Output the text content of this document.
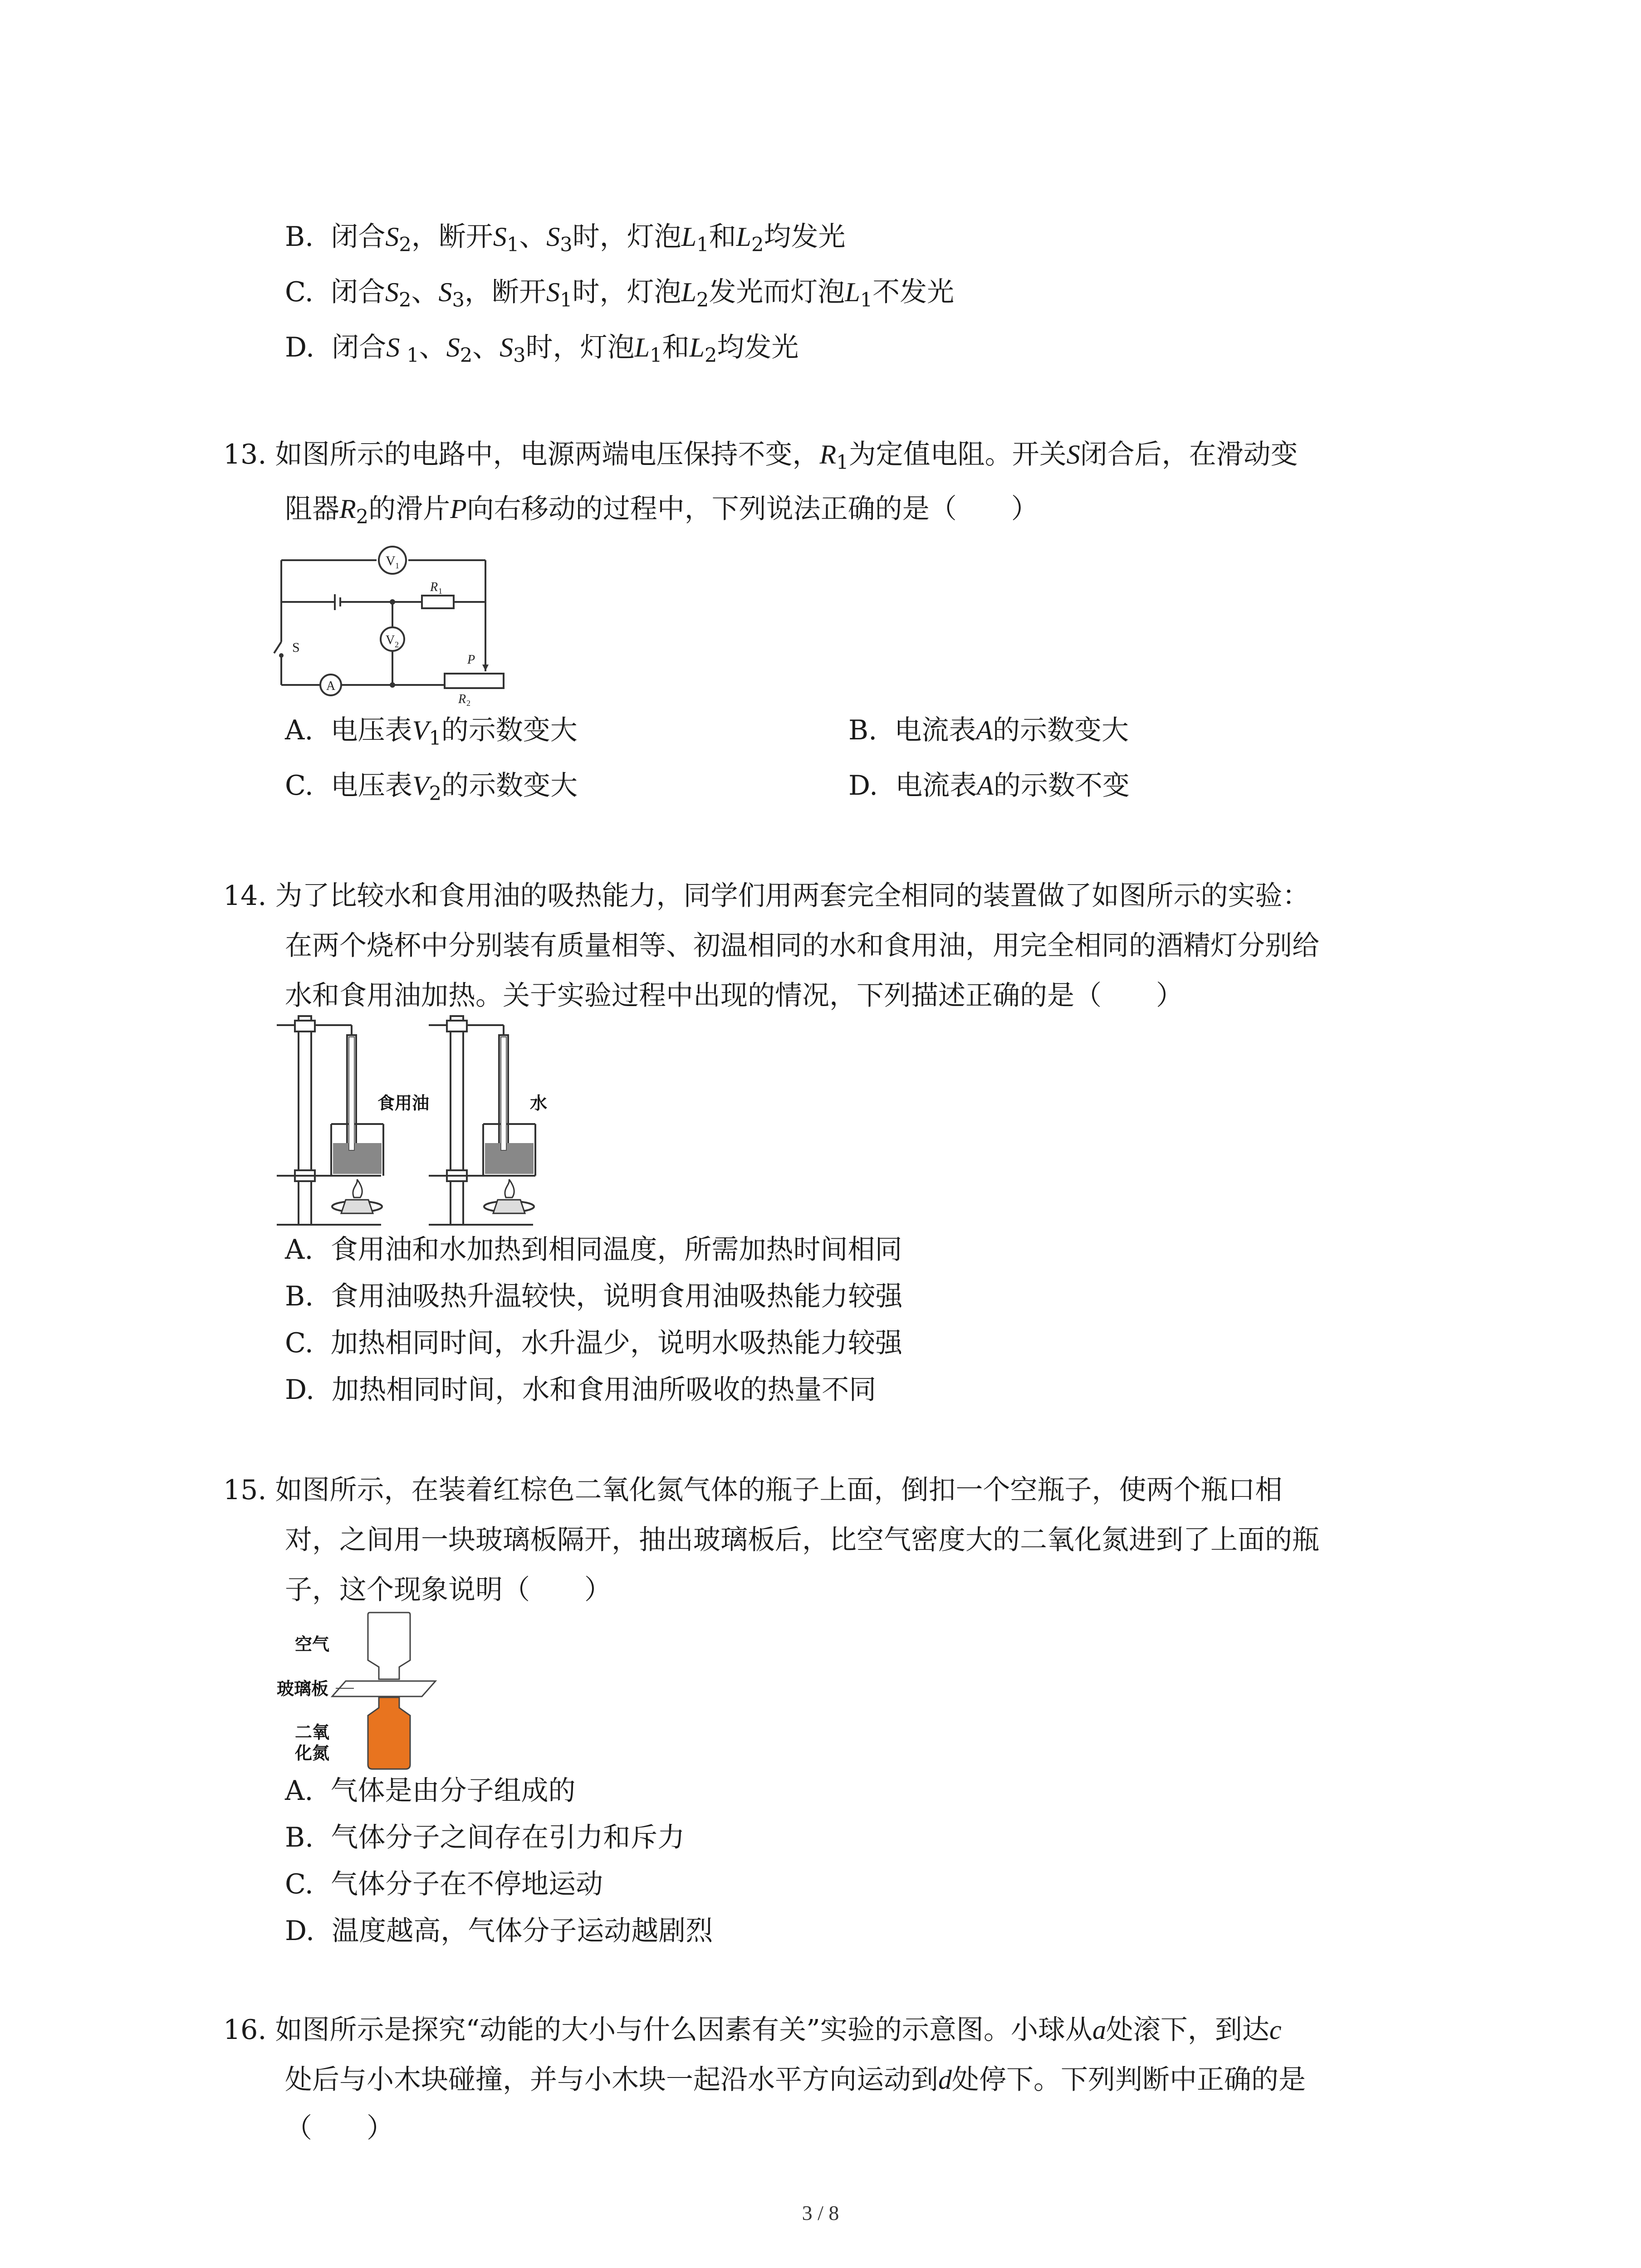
B. 闭合$S_2$，断开$S_1$、$S_3$时，灯泡$L_1$和$L_2$均发光
C. 闭合$S_2$、$S_3$，断开$S_1$时，灯泡$L_2$发光而灯泡$L_1$不发光
D. 闭合S $_1$、$S_2$、$S_3$时，灯泡$L_1$和$L_2$均发光
13. 如图所示的电路中，电源两端电压保持不变，$R_1$为定值电阻。开关S闭合后，在滑动变
阻器$R_2$的滑片P向右移动的过程中，下列说法正确的是（　　）
V 1
V 2
A
R 1
P
R 2
S
A. 电压表$V_1$的示数变大	B. 电流表A的示数变大
C. 电压表$V_2$的示数变大	D. 电流表A的示数不变
14. 为了比较水和食用油的吸热能力，同学们用两套完全相同的装置做了如图所示的实验：
在两个烧杯中分别装有质量相等、初温相同的水和食用油，用完全相同的酒精灯分别给
水和食用油加热。关于实验过程中出现的情况，下列描述正确的是（　　）
食用油	水
A. 食用油和水加热到相同温度，所需加热时间相同
B. 食用油吸热升温较快，说明食用油吸热能力较强
C. 加热相同时间，水升温少，说明水吸热能力较强
D. 加热相同时间，水和食用油所吸收的热量不同
15. 如图所示，在装着红棕色二氧化氮气体的瓶子上面，倒扣一个空瓶子，使两个瓶口相
对，之间用一块玻璃板隔开，抽出玻璃板后，比空气密度大的二氧化氮进到了上面的瓶
子，这个现象说明（　　）
空气
玻璃板
二氧
化氮
A. 气体是由分子组成的
B. 气体分子之间存在引力和斥力
C. 气体分子在不停地运动
D. 温度越高，气体分子运动越剧烈
16. 如图所示是探究“动能的大小与什么因素有关”实验的示意图。小球从a处滚下，到达c
处后与小木块碰撞，并与小木块一起沿水平方向运动到d处停下。下列判断中正确的是
（　　）
3 / 8
